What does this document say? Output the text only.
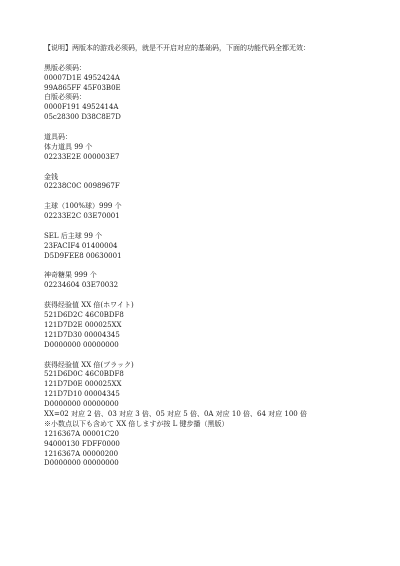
【说明】两版本的游戏必须码，就是不开启对应的基础码，下面的功能代码全都无效：
黑版必须码：
00007D1E 4952424A
99A865FF 45F03B0E
白版必须码：
0000F191 4952414A
05c28300 D38C8E7D
道具码：
体力道具 99 个
02233E2E 000003E7
金钱
02238C0C 0098967F
主球（100%球）999 个
02233E2C 03E70001
SEL 后主球 99 个
23FACIF4 01400004
D5D9FEE8 00630001
神奇糖果 999 个
02234604 03E70032
获得经验值 XX 倍(ホワイト)
521D6D2C 46C0BDF8
121D7D2E 000025XX
121D7D30 00004345
D0000000 00000000
获得经验值 XX 倍(ブラック)
521D6D0C 46C0BDF8
121D7D0E 000025XX
121D7D10 00004345
D0000000 00000000
XX=02 对应 2 倍、03 对应 3 倍、05 对应 5 倍、0A 对应 10 倍、64 对应 100 倍
※小数点以下も含めて XX 倍しますが按 L 键步播（黑版）
1216367A 00001C20
94000130 FDFF0000
1216367A 00000200
D0000000 00000000
